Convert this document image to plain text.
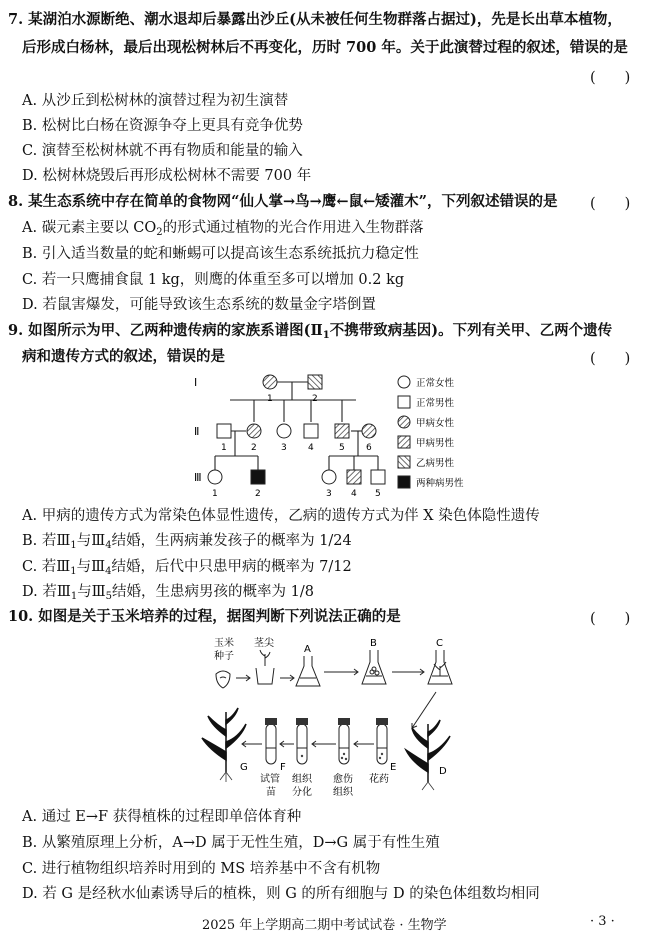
7. 某湖泊水源断绝、潮水退却后暴露出沙丘(从未被任何生物群落占据过)，先是长出草本植物，
后形成白杨林，最后出现松树林后不再变化，历时 700 年。关于此演替过程的叙述，错误的是
(　　)
A. 从沙丘到松树林的演替过程为初生演替
B. 松树比白杨在资源争夺上更具有竞争优势
C. 演替至松树林就不再有物质和能量的输入
D. 松树林烧毁后再形成松树林不需要 700 年
8. 某生态系统中存在简单的食物网“仙人掌→鸟→鹰←鼠←矮灌木”，下列叙述错误的是 (　　)
A. 碳元素主要以 $CO_2$的形式通过植物的光合作用进入生物群落
B. 引入适当数量的蛇和蜥蜴可以提高该生态系统抵抗力稳定性
C. 若一只鹰捕食鼠 1 kg，则鹰的体重至多可以增加 0.2 kg
D. 若鼠害爆发，可能导致该生态系统的数量金字塔倒置
9. 如图所示为甲、乙两种遗传病的家族系谱图($Ⅱ_1$不携带致病基因)。下列有关甲、乙两个遗传
病和遗传方式的叙述，错误的是	(　　)
Ⅰ
Ⅱ
Ⅲ
1	2
1	2	3 4	5 6
1	2	3 4 5
正常女性
正常男性
甲病女性
甲病男性
乙病男性
两种病男性
A. 甲病的遗传方式为常染色体显性遗传，乙病的遗传方式为伴 X 染色体隐性遗传
B. 若$Ⅲ_1$与$Ⅲ_4$结婚，生两病兼发孩子的概率为 1/24
C. 若$Ⅲ_1$与$Ⅲ_4$结婚，后代中只患甲病的概率为 7/12
D. 若$Ⅲ_1$与$Ⅲ_5$结婚，生患病男孩的概率为 1/8
10. 如图是关于玉米培养的过程，据图判断下列说法正确的是	(　　)
玉米
种子
茎尖
A
B	C
D
E
F
G
试管
苗
组织
分化
愈伤
组织
花药
A. 通过 E→F 获得植株的过程即单倍体育种
B. 从繁殖原理上分析，A→D 属于无性生殖，D→G 属于有性生殖
C. 进行植物组织培养时用到的 MS 培养基中不含有机物
D. 若 G 是经秋水仙素诱导后的植株，则 G 的所有细胞与 D 的染色体组数均相同
2025 年上学期高二期中考试试卷 · 生物学	· 3 ·
